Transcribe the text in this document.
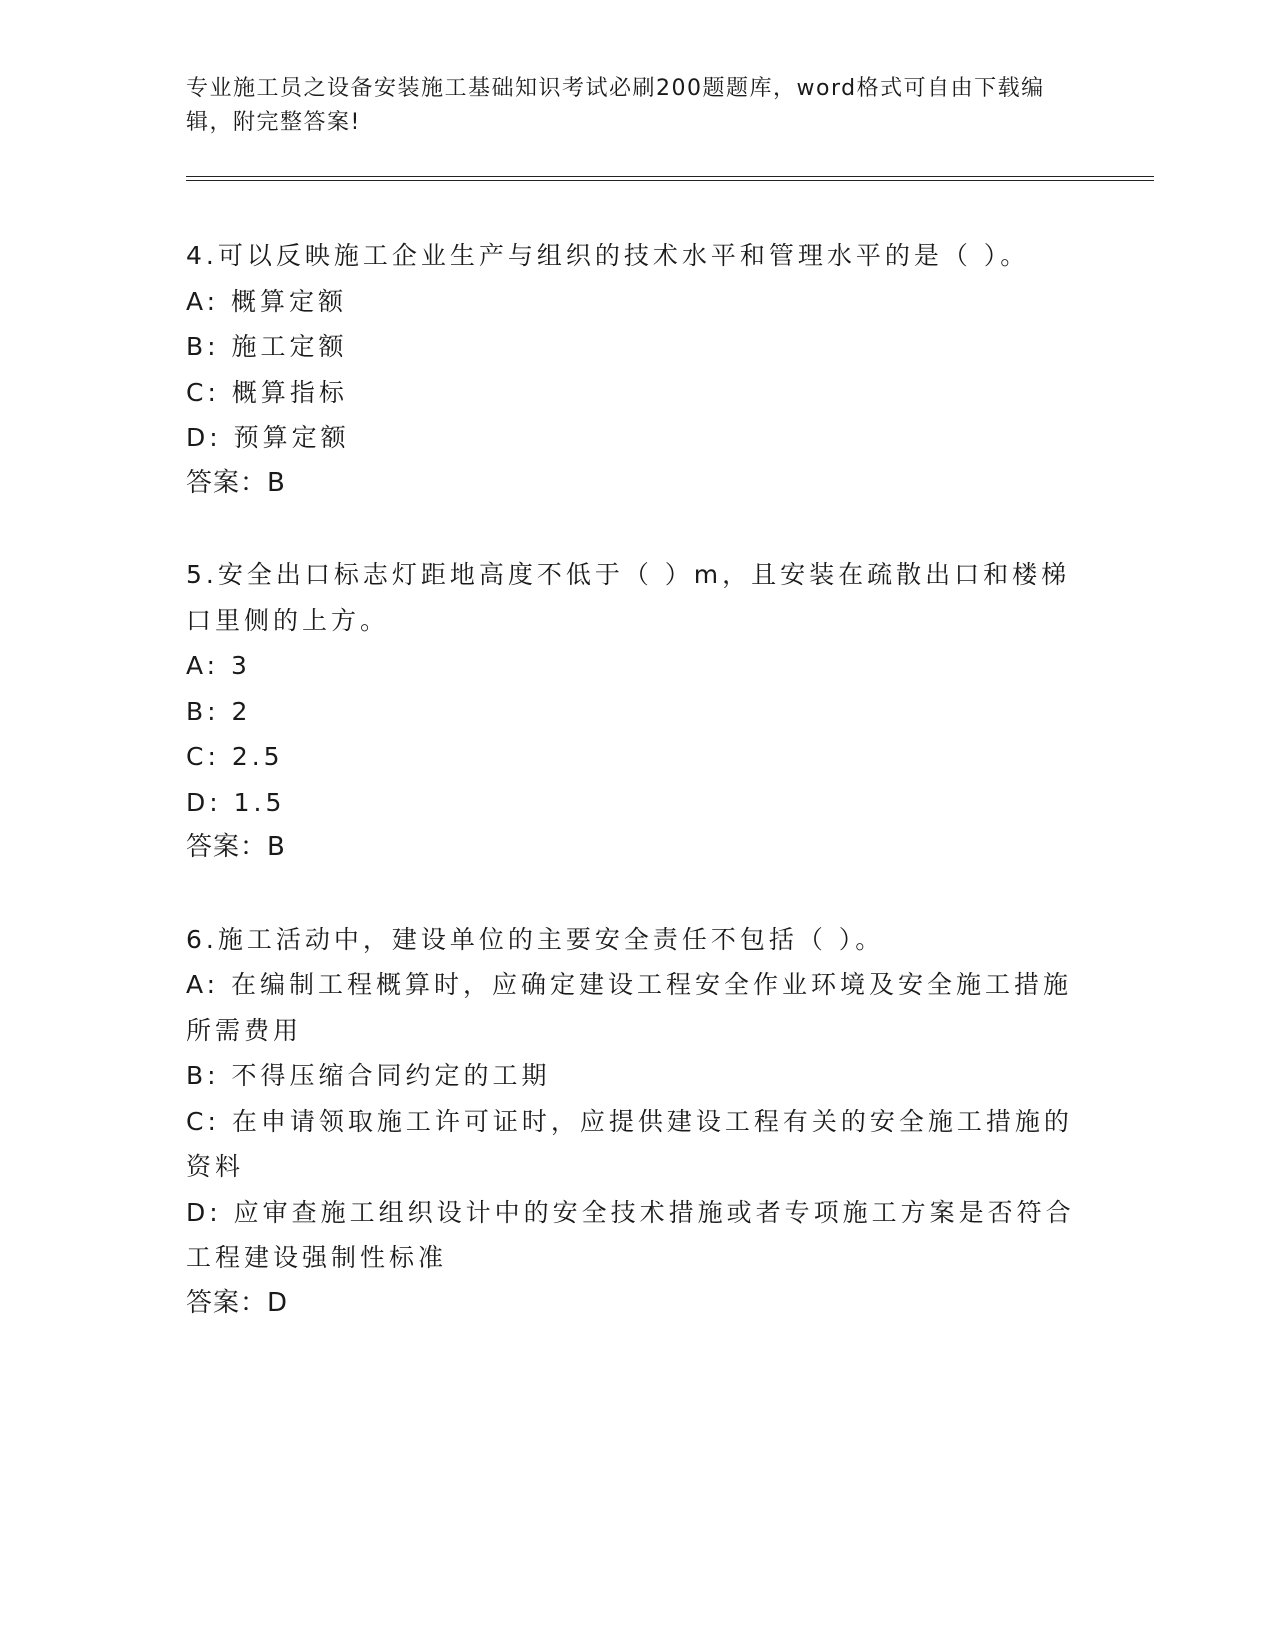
专业施工员之设备安装施工基础知识考试必刷200题题库，word格式可自由下载编辑，附完整答案!

4.可以反映施工企业生产与组织的技术水平和管理水平的是（ ）。

A: 概算定额

B: 施工定额

C: 概算指标

D: 预算定额

答案：B

5.安全出口标志灯距地高度不低于（ ）m，且安装在疏散出口和楼梯口里侧的上方。

A: 3

B: 2

C: 2.5

D: 1.5

答案：B

6.施工活动中，建设单位的主要安全责任不包括（ ）。

A: 在编制工程概算时，应确定建设工程安全作业环境及安全施工措施所需费用

B: 不得压缩合同约定的工期

C: 在申请领取施工许可证时，应提供建设工程有关的安全施工措施的资料

D: 应审查施工组织设计中的安全技术措施或者专项施工方案是否符合工程建设强制性标准

答案：D
